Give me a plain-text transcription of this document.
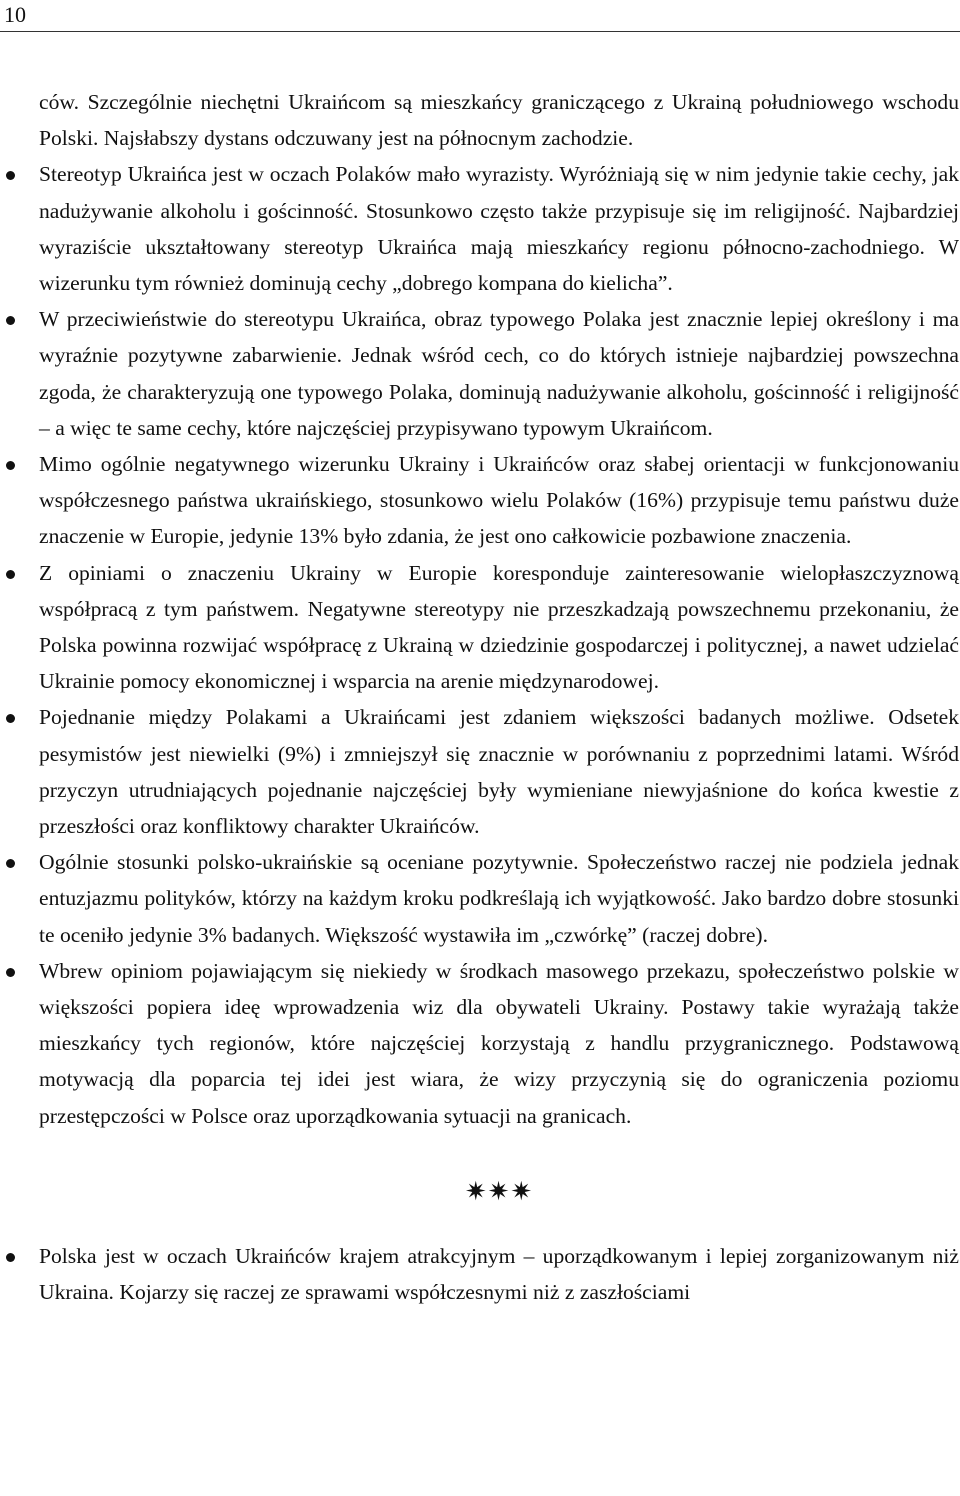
10

ców. Szczególnie niechętni Ukraińcom są mieszkańcy graniczącego z Ukrainą południowego wschodu Polski. Najsłabszy dystans odczuwany jest na północnym zachodzie.

Stereotyp Ukraińca jest w oczach Polaków mało wyrazisty. Wyróżniają się w nim jedynie takie cechy, jak nadużywanie alkoholu i gościnność. Stosunkowo często także przypisuje się im religijność. Najbardziej wyraziście ukształtowany stereotyp Ukraińca mają mieszkańcy regionu północno-zachodniego. W wizerunku tym również dominują cechy „dobrego kompana do kielicha”.

W przeciwieństwie do stereotypu Ukraińca, obraz typowego Polaka jest znacznie lepiej określony i ma wyraźnie pozytywne zabarwienie. Jednak wśród cech, co do których istnieje najbardziej powszechna zgoda, że charakteryzują one typowego Polaka, dominują nadużywanie alkoholu, gościnność i religijność – a więc te same cechy, które najczęściej przypisywano typowym Ukraińcom.

Mimo ogólnie negatywnego wizerunku Ukrainy i Ukraińców oraz słabej orientacji w funkcjonowaniu współczesnego państwa ukraińskiego, stosunkowo wielu Polaków (16%) przypisuje temu państwu duże znaczenie w Europie, jedynie 13% było zdania, że jest ono całkowicie pozbawione znaczenia.

Z opiniami o znaczeniu Ukrainy w Europie koresponduje zainteresowanie wielopłaszczyznową współpracą z tym państwem. Negatywne stereotypy nie przeszkadzają powszechnemu przekonaniu, że Polska powinna rozwijać współpracę z Ukrainą w dziedzinie gospodarczej i politycznej, a nawet udzielać Ukrainie pomocy ekonomicznej i wsparcia na arenie międzynarodowej.

Pojednanie między Polakami a Ukraińcami jest zdaniem większości badanych możliwe. Odsetek pesymistów jest niewielki (9%) i zmniejszył się znacznie w porównaniu z poprzednimi latami. Wśród przyczyn utrudniających pojednanie najczęściej były wymieniane niewyjaśnione do końca kwestie z przeszłości oraz konfliktowy charakter Ukraińców.

Ogólnie stosunki polsko-ukraińskie są oceniane pozytywnie. Społeczeństwo raczej nie podziela jednak entuzjazmu polityków, którzy na każdym kroku podkreślają ich wyjątkowość. Jako bardzo dobre stosunki te oceniło jedynie 3% badanych. Większość wystawiła im „czwórkę” (raczej dobre).

Wbrew opiniom pojawiającym się niekiedy w środkach masowego przekazu, społeczeństwo polskie w większości popiera ideę wprowadzenia wiz dla obywateli Ukrainy. Postawy takie wyrażają także mieszkańcy tych regionów, które najczęściej korzystają z handlu przygranicznego. Podstawową motywacją dla poparcia tej idei jest wiara, że wizy przyczynią się do ograniczenia poziomu przestępczości w Polsce oraz uporządkowania sytuacji na granicach.

✷✷✷

Polska jest w oczach Ukraińców krajem atrakcyjnym – uporządkowanym i lepiej zorganizowanym niż Ukraina. Kojarzy się raczej ze sprawami współczesnymi niż z zaszłościami
